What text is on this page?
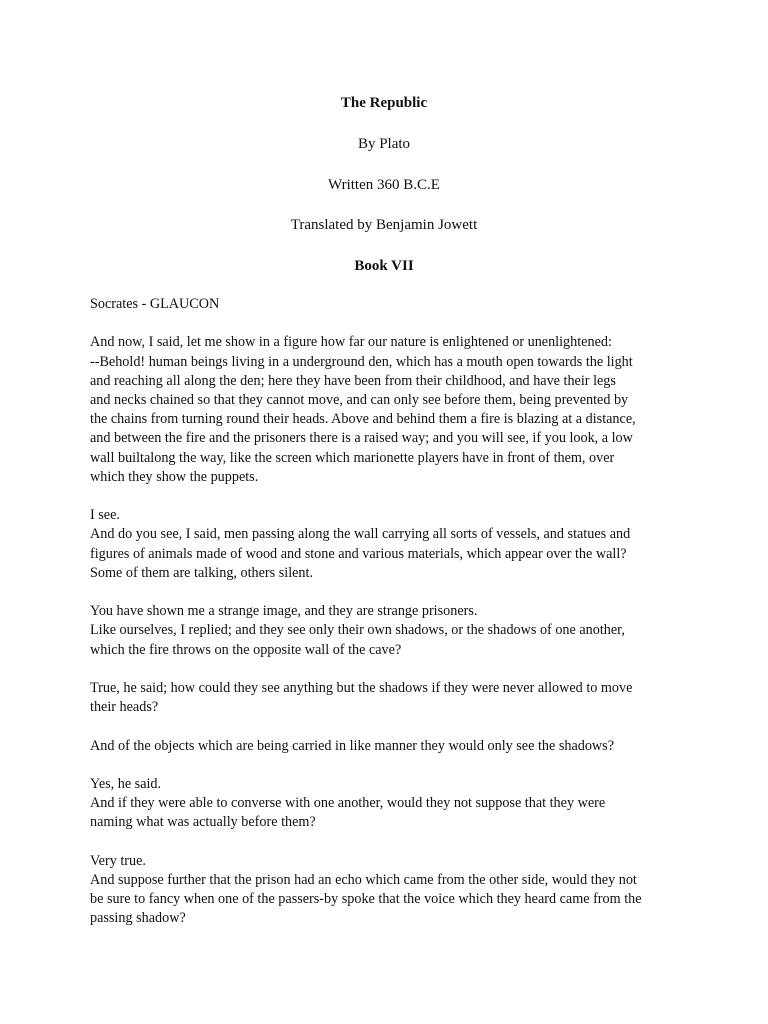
The Republic

By Plato

Written 360 B.C.E

Translated by Benjamin Jowett

Book VII

Socrates - GLAUCON

And now, I said, let me show in a figure how far our nature is enlightened or unenlightened:
--Behold! human beings living in a underground den, which has a mouth open towards the light
and reaching all along the den; here they have been from their childhood, and have their legs
and necks chained so that they cannot move, and can only see before them, being prevented by
the chains from turning round their heads. Above and behind them a fire is blazing at a distance,
and between the fire and the prisoners there is a raised way; and you will see, if you look, a low
wall builtalong the way, like the screen which marionette players have in front of them, over
which they show the puppets.

I see.
And do you see, I said, men passing along the wall carrying all sorts of vessels, and statues and
figures of animals made of wood and stone and various materials, which appear over the wall?
Some of them are talking, others silent.

You have shown me a strange image, and they are strange prisoners.
Like ourselves, I replied; and they see only their own shadows, or the shadows of one another,
which the fire throws on the opposite wall of the cave?

True, he said; how could they see anything but the shadows if they were never allowed to move
their heads?

And of the objects which are being carried in like manner they would only see the shadows?

Yes, he said.
And if they were able to converse with one another, would they not suppose that they were
naming what was actually before them?

Very true.
And suppose further that the prison had an echo which came from the other side, would they not
be sure to fancy when one of the passers-by spoke that the voice which they heard came from the
passing shadow?
